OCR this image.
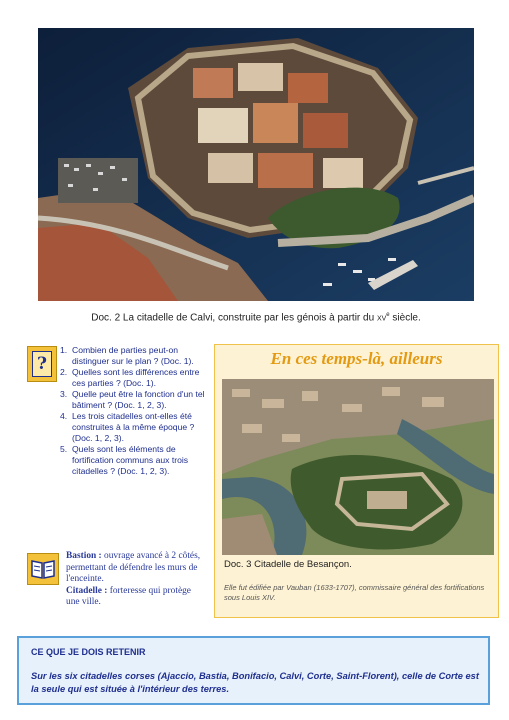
Doc. 2 La citadelle de Calvi, construite par les génois à partir du XVe siècle.
?
1. Combien de parties peut-on distinguer sur le plan ? (Doc. 1).
2. Quelles sont les différences entre ces parties ? (Doc. 1).
3. Quelle peut être la fonction d'un tel bâtiment ? (Doc. 1, 2, 3).
4. Les trois citadelles ont-elles été construites à la même époque ? (Doc. 1, 2, 3).
5. Quels sont les éléments de fortification communs aux trois citadelles ? (Doc. 1, 2, 3).

Bastion : ouvrage avancé à 2 côtés, permettant de défendre les murs de l'enceinte.

Citadelle : forteresse qui protège une ville.

En ces temps-là, ailleurs
Doc. 3 Citadelle de Besançon.
Elle fut édifiée par Vauban (1633-1707), commissaire général des fortifications sous Louis XIV.
CE QUE JE DOIS RETENIR
Sur les six citadelles corses (Ajaccio, Bastia, Bonifacio, Calvi, Corte, Saint-Florent), celle de Corte est la seule qui est située à l'intérieur des terres.
